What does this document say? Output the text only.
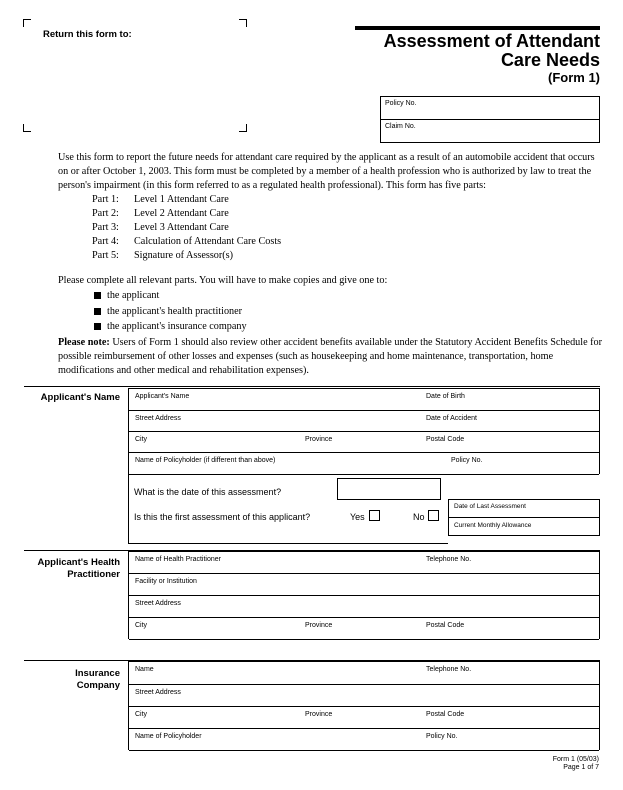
Return this form to:	Assessment of Attendant
Care Needs
(Form 1)
Policy No.
Claim No.
Use this form to report the future needs for attendant care required by the applicant as a result of an automobile accident that occurs on or after October 1, 2003. This form must be completed by a member of a health profession who is authorized by law to treat the person's impairment (in this form referred to as a regulated health professional). This form has five parts:
Part 1:	Level 1 Attendant Care
Part 2:	Level 2 Attendant Care
Part 3:	Level 3 Attendant Care
Part 4:	Calculation of Attendant Care Costs
Part 5:	Signature of Assessor(s)
Please complete all relevant parts. You will have to make copies and give one to:
the applicant
the applicant's health practitioner
the applicant's insurance company
Please note: Users of Form 1 should also review other accident benefits available under the Statutory Accident Benefits Schedule for possible reimbursement of other losses and expenses (such as housekeeping and home maintenance, transportation, home modifications and other medical and rehabilitation expenses).
Applicant's Name Applicant's Name	Date of Birth
Street Address	Date of Accident
City	Province	Postal Code
Name of Policyholder (if different than above)	Policy No.
What is the date of this assessment?
Is this the first assessment of this applicant?	Yes	No
Date of Last Assessment
Current Monthly Allowance
Applicant's Health
Practitioner
Name of Health Practitioner	Telephone No.
Facility or Institution
Street Address
City	Province	Postal Code
Insurance
Company
Name	Telephone No.
Street Address
City	Province	Postal Code
Name of Policyholder	Policy No.
Form 1 (05/03)
Page 1 of 7
